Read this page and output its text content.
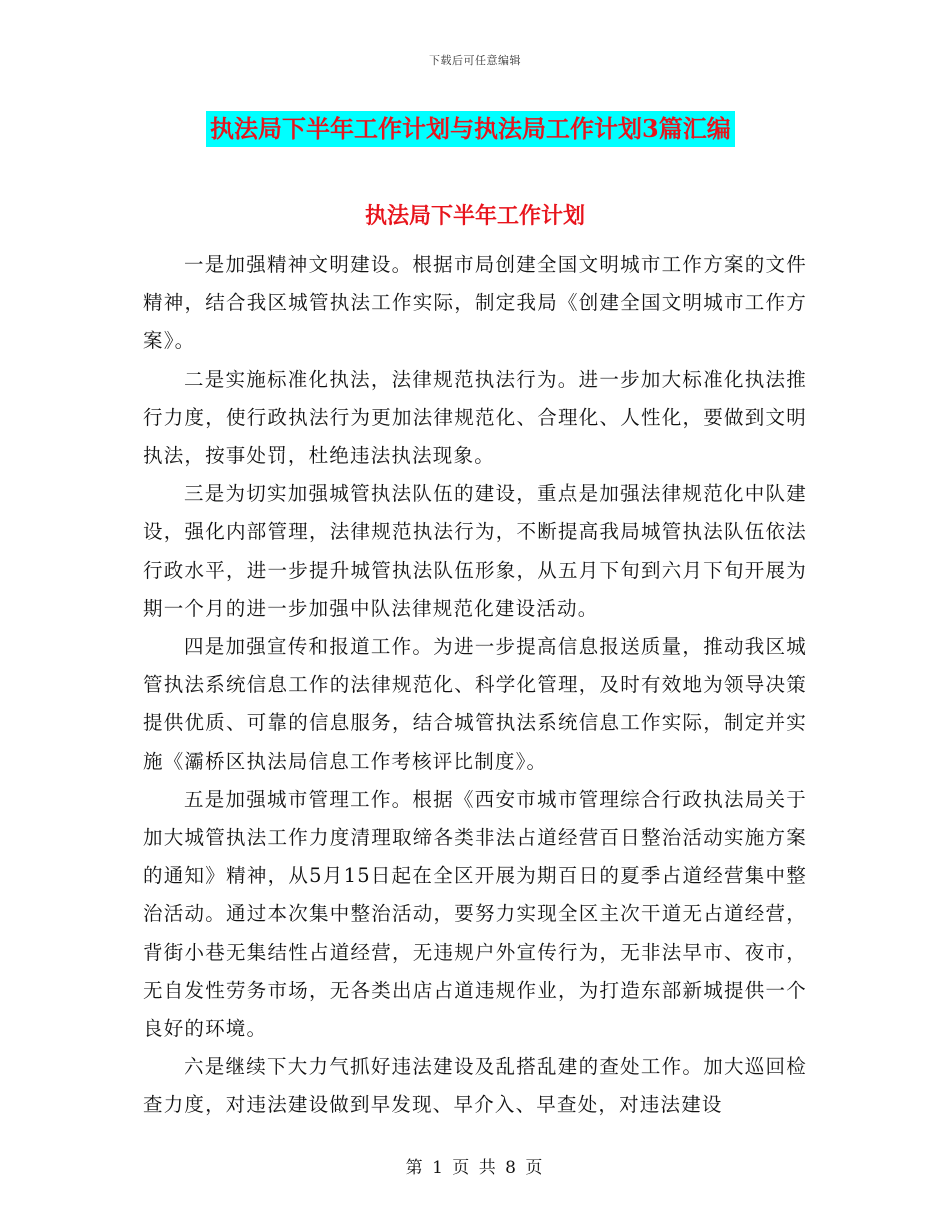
下载后可任意编辑
执法局下半年工作计划与执法局工作计划3篇汇编
执法局下半年工作计划

一是加强精神文明建设。根据市局创建全国文明城市工作方案的文件精神，结合我区城管执法工作实际，制定我局《创建全国文明城市工作方案》。

二是实施标准化执法，法律规范执法行为。进一步加大标准化执法推行力度，使行政执法行为更加法律规范化、合理化、人性化，要做到文明执法，按事处罚，杜绝违法执法现象。

三是为切实加强城管执法队伍的建设，重点是加强法律规范化中队建设，强化内部管理，法律规范执法行为，不断提高我局城管执法队伍依法行政水平，进一步提升城管执法队伍形象，从五月下旬到六月下旬开展为期一个月的进一步加强中队法律规范化建设活动。

四是加强宣传和报道工作。为进一步提高信息报送质量，推动我区城管执法系统信息工作的法律规范化、科学化管理，及时有效地为领导决策提供优质、可靠的信息服务，结合城管执法系统信息工作实际，制定并实施《灞桥区执法局信息工作考核评比制度》。

五是加强城市管理工作。根据《西安市城市管理综合行政执法局关于加大城管执法工作力度清理取缔各类非法占道经营百日整治活动实施方案的通知》精神，从5月15日起在全区开展为期百日的夏季占道经营集中整治活动。通过本次集中整治活动，要努力实现全区主次干道无占道经营，背街小巷无集结性占道经营，无违规户外宣传行为，无非法早市、夜市，无自发性劳务市场，无各类出店占道违规作业，为打造东部新城提供一个良好的环境。

六是继续下大力气抓好违法建设及乱搭乱建的查处工作。加大巡回检查力度，对违法建设做到早发现、早介入、早查处，对违法建设

第 1 页 共 8 页
